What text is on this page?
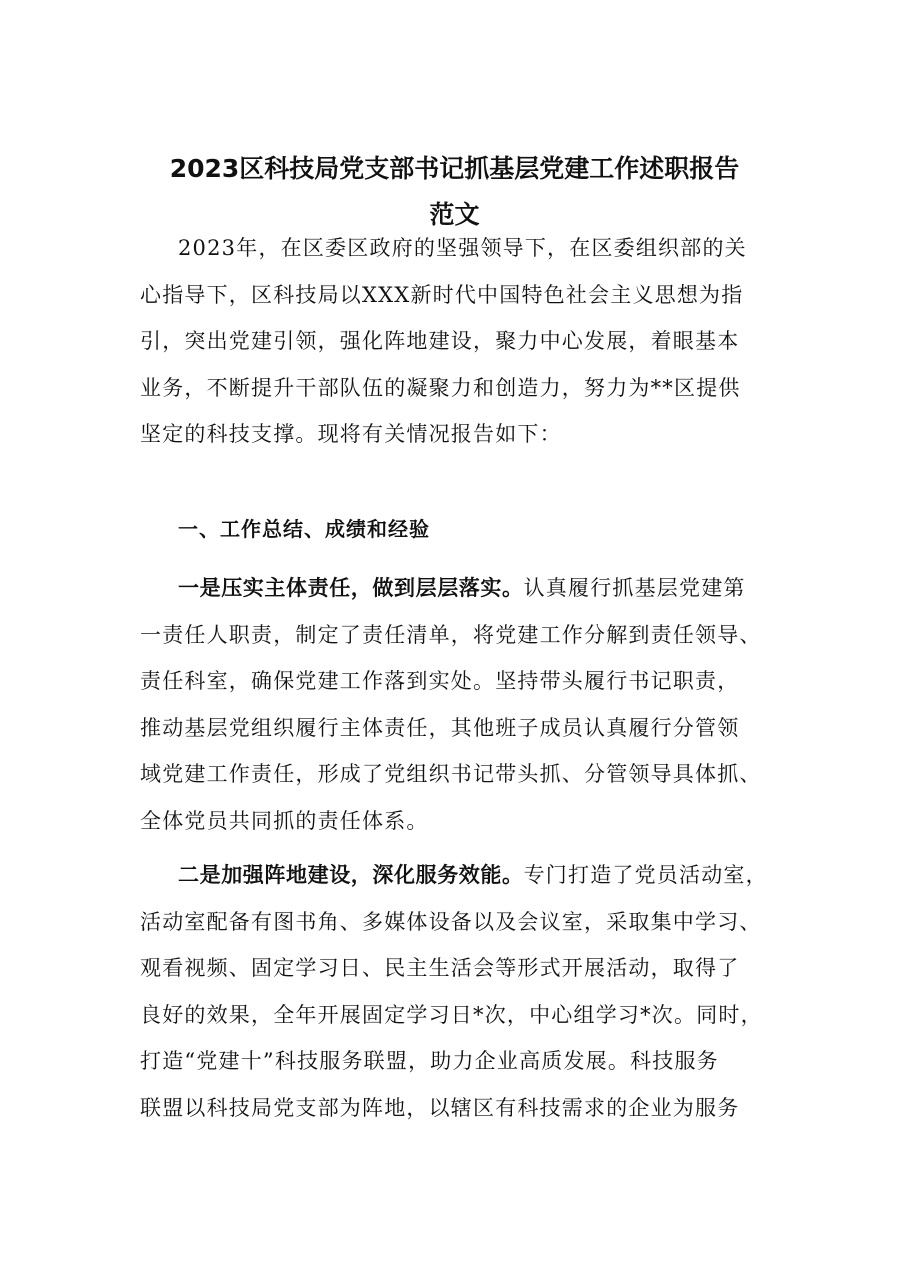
2023区科技局党支部书记抓基层党建工作述职报告
范文
2023年，在区委区政府的坚强领导下，在区委组织部的关
心指导下，区科技局以XXX新时代中国特色社会主义思想为指
引，突出党建引领，强化阵地建设，聚力中心发展，着眼基本
业务，不断提升干部队伍的凝聚力和创造力，努力为**区提供
坚定的科技支撑。现将有关情况报告如下：
一、工作总结、成绩和经验
一是压实主体责任，做到层层落实。认真履行抓基层党建第
一责任人职责，制定了责任清单，将党建工作分解到责任领导、
责任科室，确保党建工作落到实处。坚持带头履行书记职责，
推动基层党组织履行主体责任，其他班子成员认真履行分管领
域党建工作责任，形成了党组织书记带头抓、分管领导具体抓、
全体党员共同抓的责任体系。
二是加强阵地建设，深化服务效能。专门打造了党员活动室，
活动室配备有图书角、多媒体设备以及会议室，采取集中学习、
观看视频、固定学习日、民主生活会等形式开展活动，取得了
良好的效果，全年开展固定学习日*次，中心组学习*次。同时，
打造“党建十”科技服务联盟，助力企业高质发展。科技服务
联盟以科技局党支部为阵地，以辖区有科技需求的企业为服务
